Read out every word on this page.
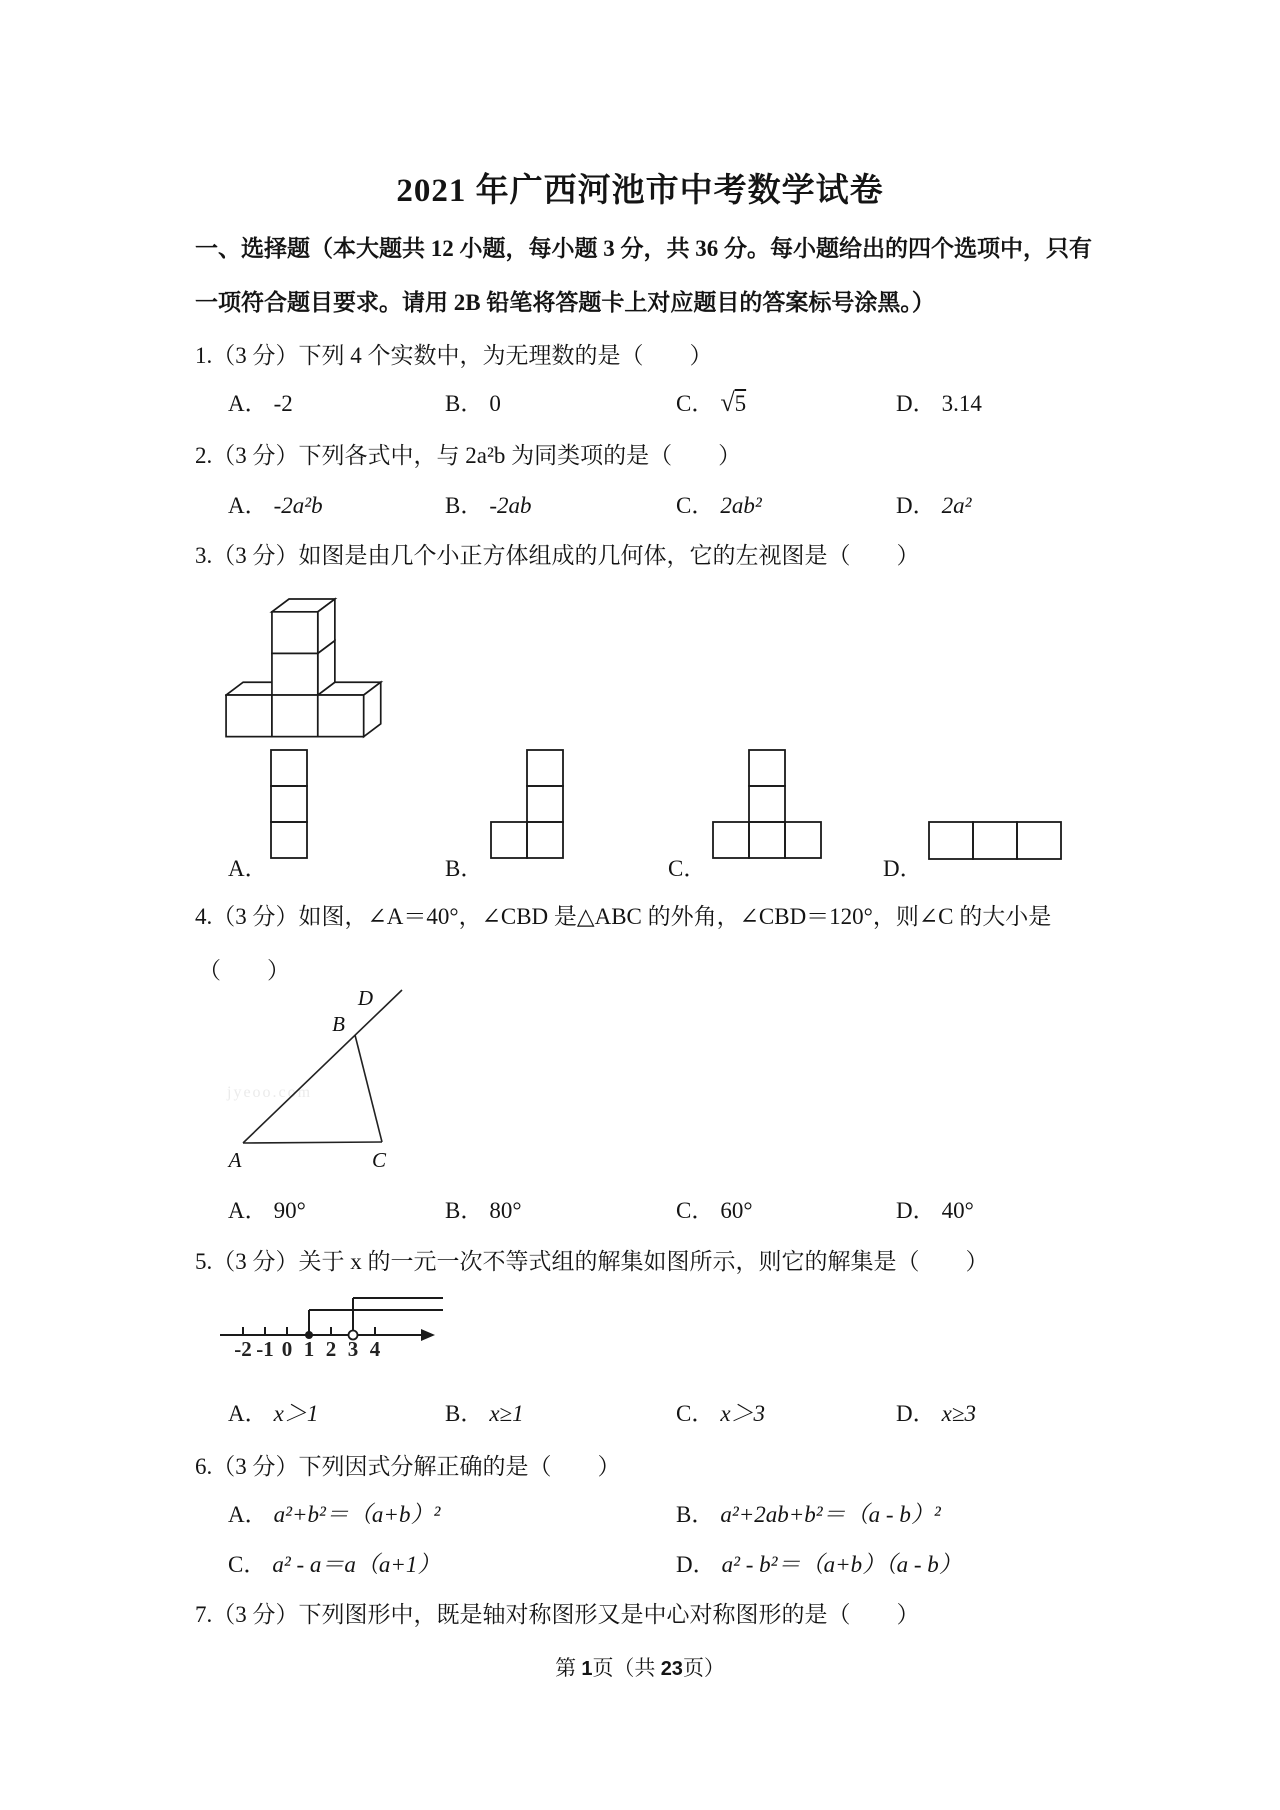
2021 年广西河池市中考数学试卷
一、选择题（本大题共 12 小题，每小题 3 分，共 36 分。每小题给出的四个选项中，只有
一项符合题目要求。请用 2B 铅笔将答题卡上对应题目的答案标号涂黑。）
1.（3 分）下列 4 个实数中，为无理数的是（　　）
A． -2	B． 0	C． √5	D． 3.14
2.（3 分）下列各式中，与 2a²b 为同类项的是（　　）
A． -2a²b	B． -2ab	C． 2ab²	D． 2a²
3.（3 分）如图是由几个小正方体组成的几何体，它的左视图是（　　）
A．	B．	C．	D．
4.（3 分）如图，∠A＝40°，∠CBD 是△ABC 的外角，∠CBD＝120°，则∠C 的大小是
（　　）
jyeoo.com
A
B
C
D
A． 90°	B． 80°	C． 60°	D． 40°
5.（3 分）关于 x 的一元一次不等式组的解集如图所示，则它的解集是（　　）
-2 -1 0 1 2 3 4
A． x＞1	B． x≥1	C． x＞3	D． x≥3
6.（3 分）下列因式分解正确的是（　　）
A． a²+b²＝（a+b）²	B． a²+2ab+b²＝（a - b）²
C． a² - a＝a（a+1）	D． a² - b²＝（a+b）（a - b）
7.（3 分）下列图形中，既是轴对称图形又是中心对称图形的是（　　）
第 1页（共 23页）
